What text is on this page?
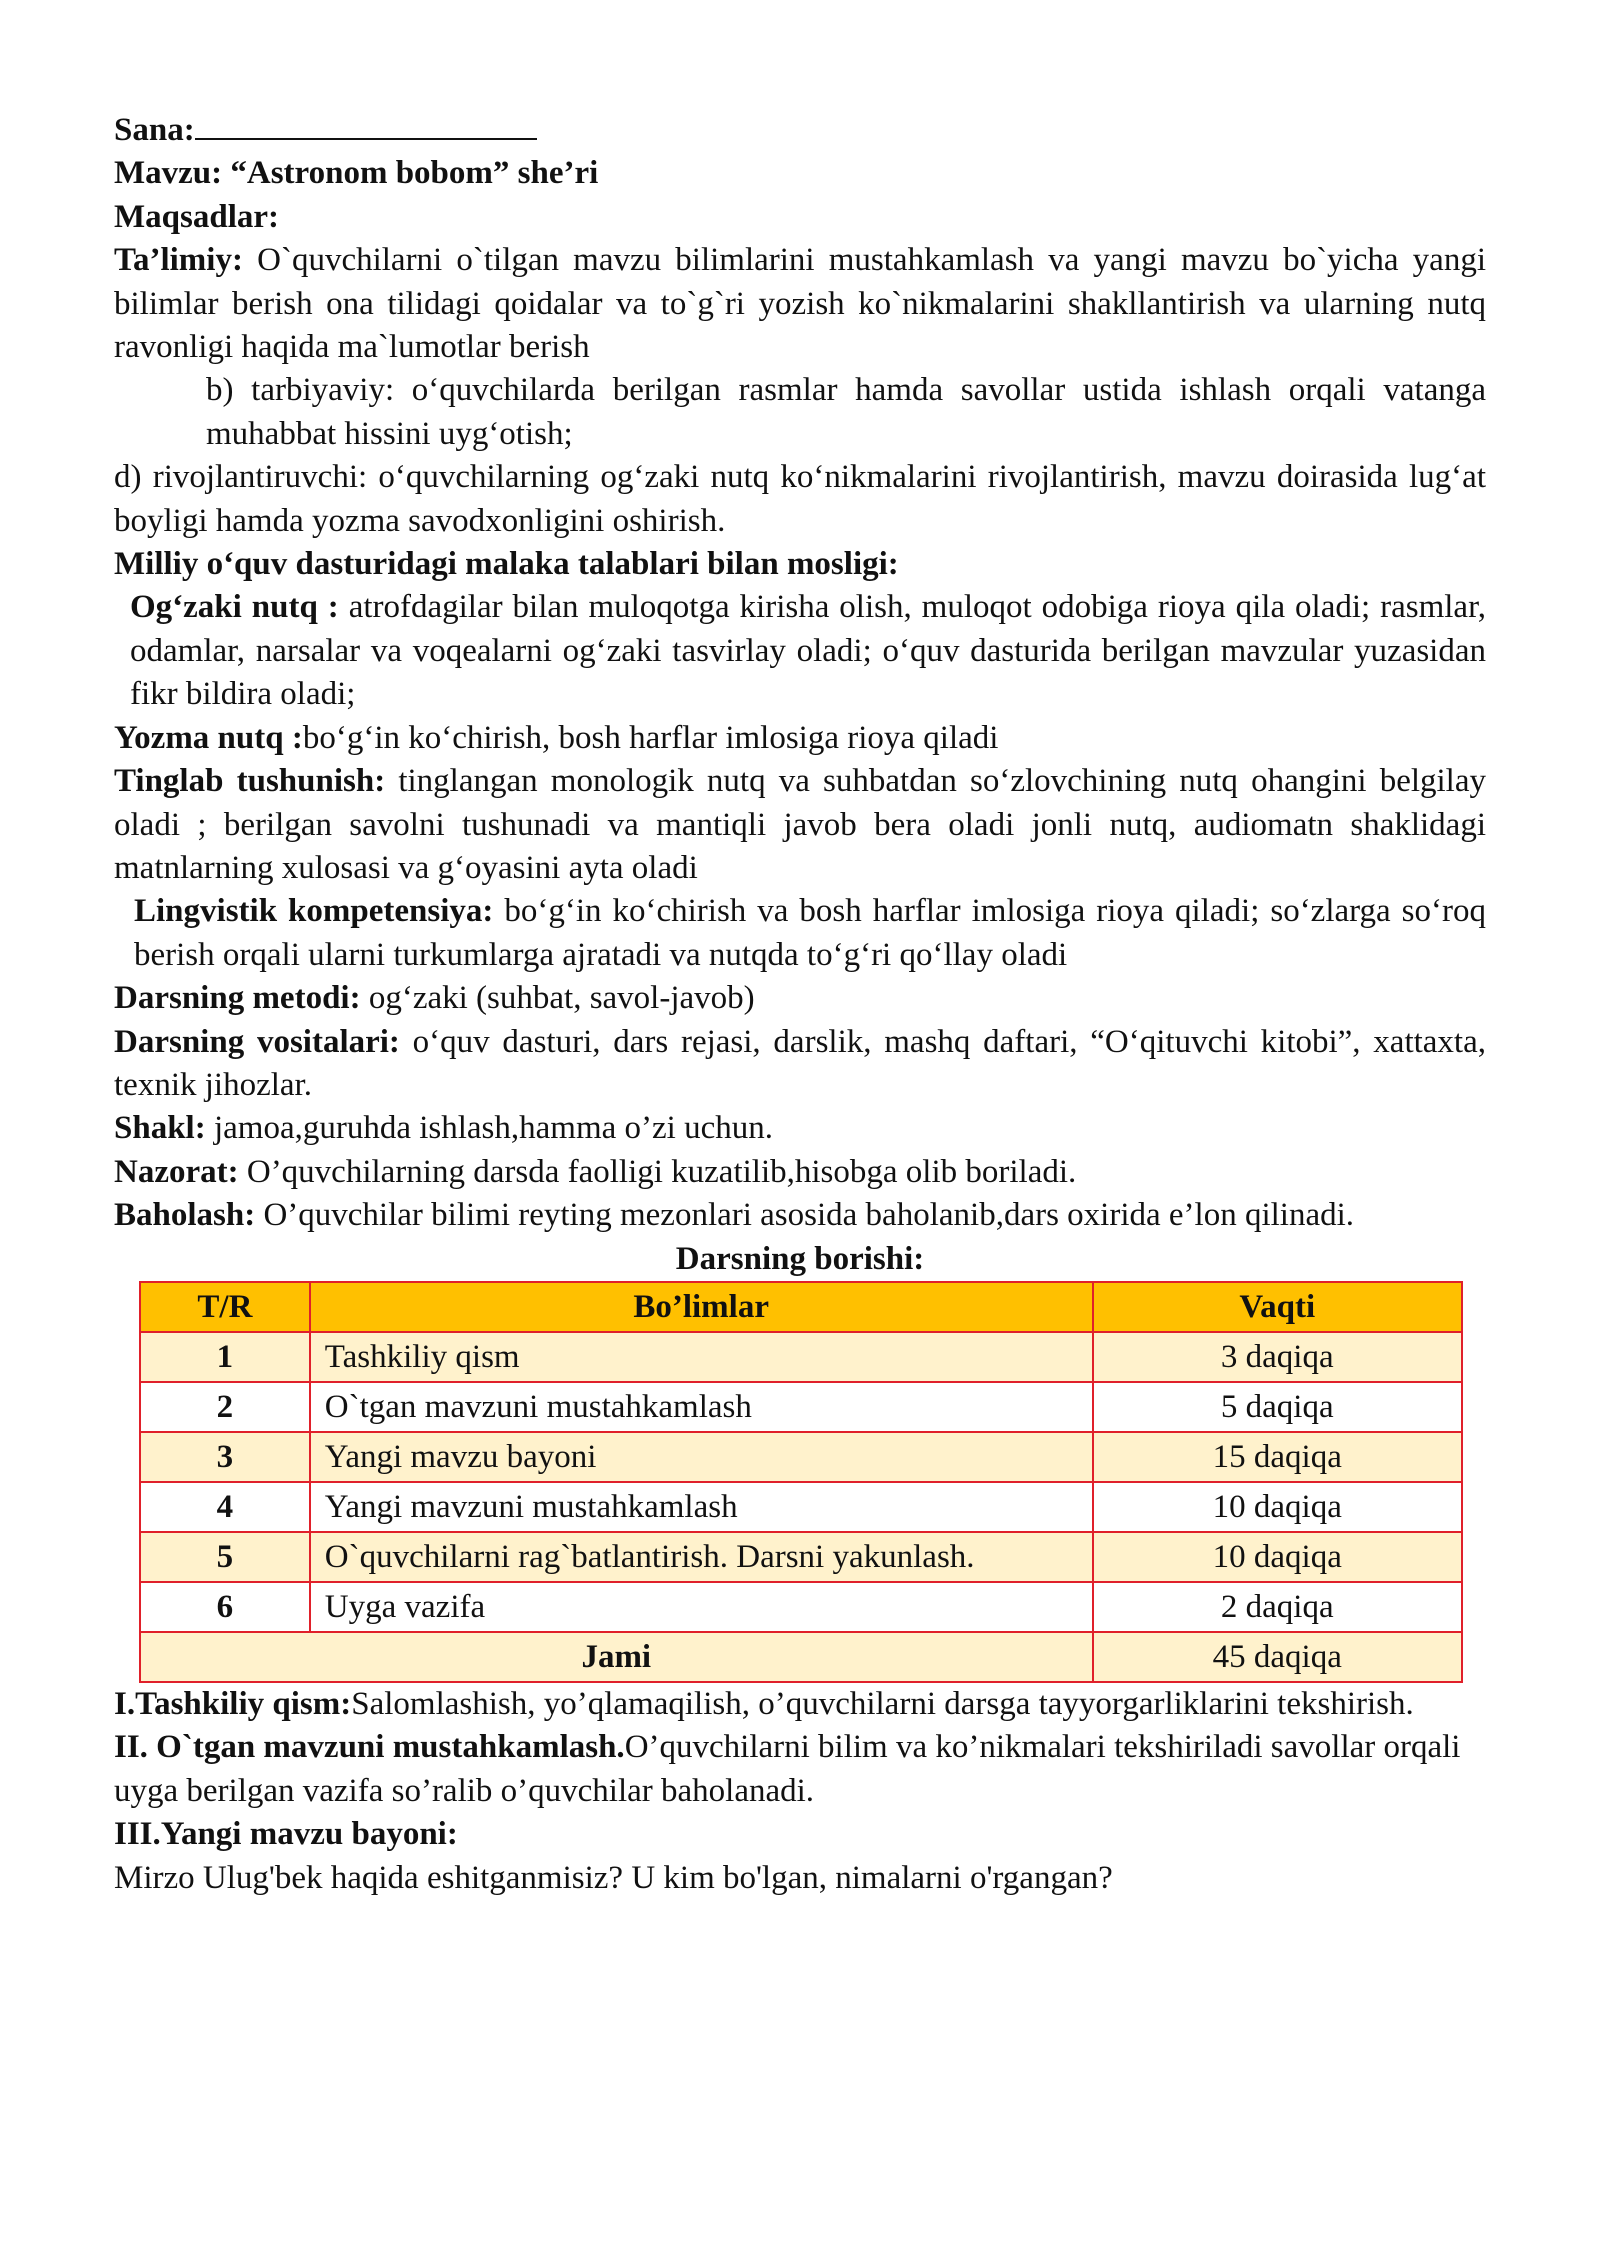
Sana:

Mavzu: “Astronom bobom” she’ri

Maqsadlar:

Ta’limiy: O`quvchilarni o`tilgan mavzu bilimlarini mustahkamlash va yangi mavzu bo`yicha yangi bilimlar berish ona tilidagi qoidalar va to`g`ri yozish ko`nikmalarini shakllantirish va ularning nutq ravonligi haqida ma`lumotlar berish

b) tarbiyaviy: o‘quvchilarda berilgan rasmlar hamda savollar ustida ishlash orqali vatanga muhabbat hissini uyg‘otish;

d) rivojlantiruvchi: o‘quvchilarning og‘zaki nutq ko‘nikmalarini rivojlantirish, mavzu doirasida lug‘at boyligi hamda yozma savodxonligini oshirish.

Milliy o‘quv dasturidagi malaka talablari bilan mosligi:

Og‘zaki nutq : atrofdagilar bilan muloqotga kirisha olish, muloqot odobiga rioya qila oladi; rasmlar, odamlar, narsalar va voqealarni og‘zaki tasvirlay oladi; o‘quv dasturida berilgan mavzular yuzasidan fikr bildira oladi;

Yozma nutq :bo‘g‘in ko‘chirish, bosh harflar imlosiga rioya qiladi

Tinglab tushunish: tinglangan monologik nutq va suhbatdan so‘zlovchining nutq ohangini belgilay oladi ; berilgan savolni tushunadi va mantiqli javob bera oladi jonli nutq, audiomatn shaklidagi matnlarning xulosasi va g‘oyasini ayta oladi

Lingvistik kompetensiya: bo‘g‘in ko‘chirish va bosh harflar imlosiga rioya qiladi; so‘zlarga so‘roq berish orqali ularni turkumlarga ajratadi va nutqda to‘g‘ri qo‘llay oladi

Darsning metodi: og‘zaki (suhbat, savol-javob)

Darsning vositalari: o‘quv dasturi, dars rejasi, darslik, mashq daftari, “O‘qituvchi kitobi”, xattaxta, texnik jihozlar.

Shakl: jamoa,guruhda ishlash,hamma o’zi uchun.

Nazorat: O’quvchilarning darsda faolligi kuzatilib,hisobga olib boriladi.

Baholash: O’quvchilar bilimi reyting mezonlari asosida baholanib,dars oxirida e’lon qilinadi.

Darsning borishi:

T/R	Bo’limlar	Vaqti
1	Tashkiliy qism	3 daqiqa
2	O`tgan mavzuni mustahkamlash	5 daqiqa
3	Yangi mavzu bayoni	15 daqiqa
4	Yangi mavzuni mustahkamlash	10 daqiqa
5	O`quvchilarni rag`batlantirish. Darsni yakunlash.	10 daqiqa
6	Uyga vazifa	2 daqiqa
Jami		45 daqiqa

I.Tashkiliy qism:Salomlashish, yo’qlamaqilish, o’quvchilarni darsga tayyorgarliklarini tekshirish.

II. O`tgan mavzuni mustahkamlash.O’quvchilarni bilim va ko’nikmalari tekshiriladi savollar orqali uyga berilgan vazifa so’ralib o’quvchilar baholanadi.

III.Yangi mavzu bayoni:

Mirzo Ulug'bek haqida eshitganmisiz? U kim bo'lgan, nimalarni o'rgangan?
